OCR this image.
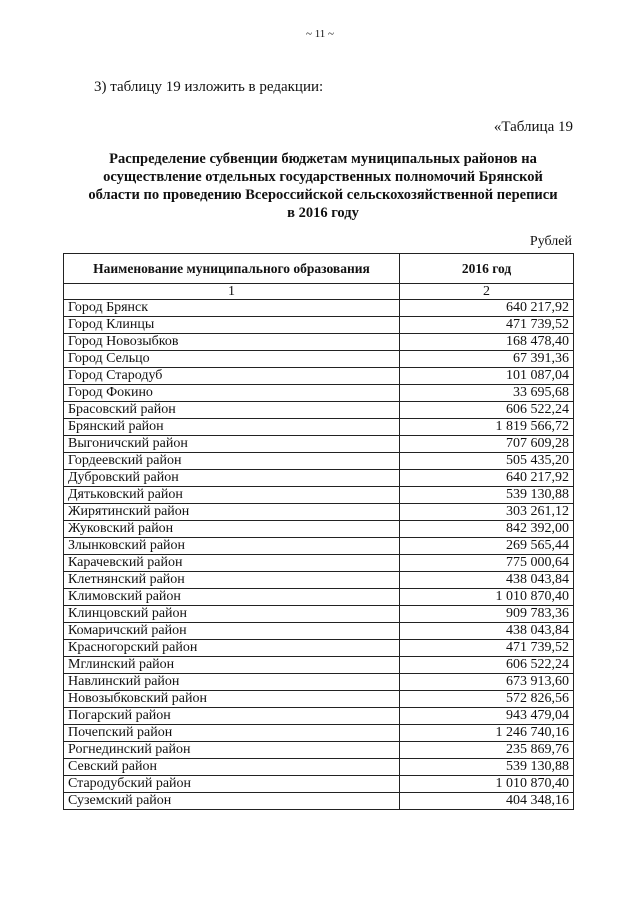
~ 11 ~
3) таблицу 19 изложить в редакции:
«Таблица 19
Распределение субвенции бюджетам муниципальных районов на
осуществление отдельных государственных полномочий Брянской
области по проведению Всероссийской сельскохозяйственной переписи
в 2016 году
Рублей
Наименование муниципального образования	2016 год
1	2
Город Брянск	640 217,92
Город Клинцы	471 739,52
Город Новозыбков	168 478,40
Город Сельцо	67 391,36
Город Стародуб	101 087,04
Город Фокино	33 695,68
Брасовский район	606 522,24
Брянский район	1 819 566,72
Выгоничский район	707 609,28
Гордеевский район	505 435,20
Дубровский район	640 217,92
Дятьковский район	539 130,88
Жирятинский район	303 261,12
Жуковский район	842 392,00
Злынковский район	269 565,44
Карачевский район	775 000,64
Клетнянский район	438 043,84
Климовский район	1 010 870,40
Клинцовский район	909 783,36
Комаричский район	438 043,84
Красногорский район	471 739,52
Мглинский район	606 522,24
Навлинский район	673 913,60
Новозыбковский район	572 826,56
Погарский район	943 479,04
Почепский район	1 246 740,16
Рогнединский район	235 869,76
Севский район	539 130,88
Стародубский район	1 010 870,40
Суземский район	404 348,16
